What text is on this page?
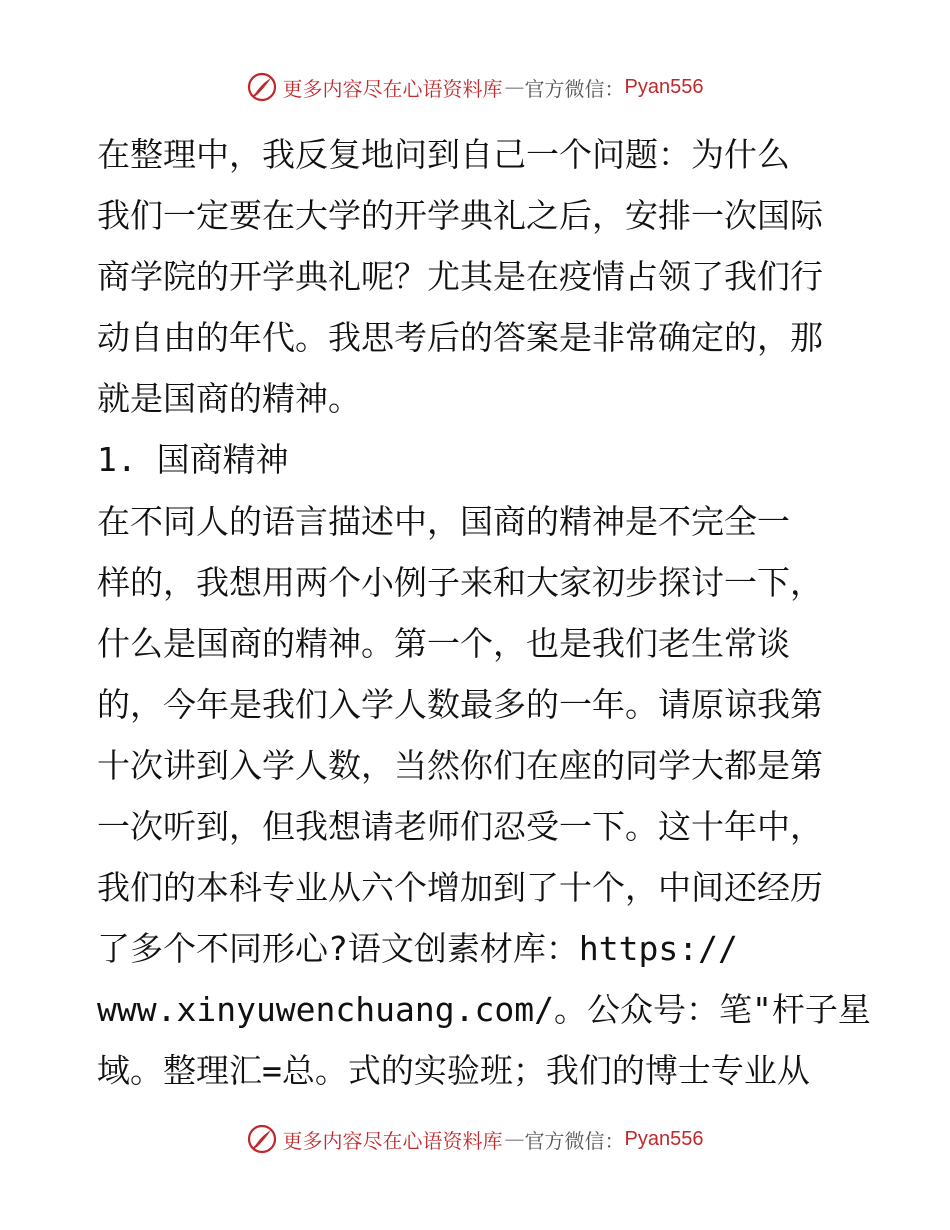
更多内容尽在心语资料库 — 官方微信： Pyan556
在整理中，我反复地问到自己一个问题：为什么
我们一定要在大学的开学典礼之后，安排一次国际
商学院的开学典礼呢？尤其是在疫情占领了我们行
动自由的年代。我思考后的答案是非常确定的，那
就是国商的精神。
1. 国商精神
在不同人的语言描述中，国商的精神是不完全一
样的，我想用两个小例子来和大家初步探讨一下，
什么是国商的精神。第一个，也是我们老生常谈
的，今年是我们入学人数最多的一年。请原谅我第
十次讲到入学人数，当然你们在座的同学大都是第
一次听到，但我想请老师们忍受一下。这十年中，
我们的本科专业从六个增加到了十个，中间还经历
了多个不同形心?语文创素材库：https://
www.xinyuwenchuang.com/。公众号：笔"杆子星
域。整理汇=总。式的实验班；我们的博士专业从
更多内容尽在心语资料库 — 官方微信： Pyan556
